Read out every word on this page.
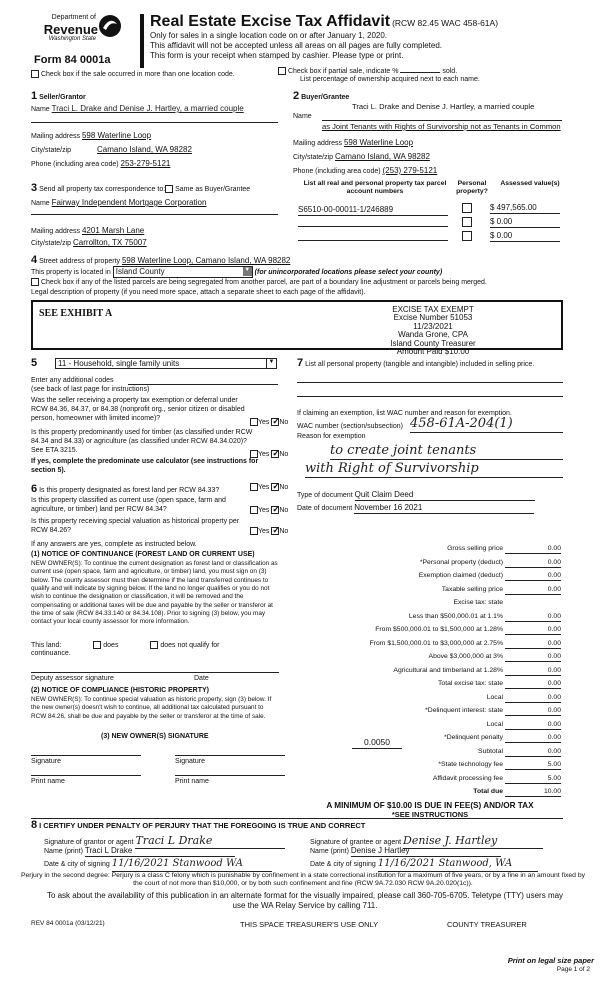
Department of
Revenue
Washington State
Form 84 0001a
Real Estate Excise Tax Affidavit (RCW 82.45 WAC 458-61A)
Only for sales in a single location code on or after January 1, 2020.
This affidavit will not be accepted unless all areas on all pages are fully completed.
This form is your receipt when stamped by cashier. Please type or print.
Check box if the sale occurred in more than one location code.	Check box if partial sale, indicate %	sold.
List percentage of ownership acquired next to each name.
1 Seller/Grantor
Name Traci L. Drake and Denise J. Hartley, a married couple
Mailing address 598 Waterline Loop
City/state/zip	Camano Island, WA 98282
Phone (including area code) 253-279-5121
2 Buyer/Grantee
Traci L. Drake and Denise J. Hartley, a married couple
Name
as Joint Tenants with Rights of Survivorship not as Tenants in Common
Mailing address 598 Waterline Loop
City/state/zip Camano Island, WA 98282
Phone (including area code) (253) 279-5121
3 Send all property tax correspondence to: Same as Buyer/Grantee
Name Fairway Independent Mortgage Corporation
Mailing address 4201 Marsh Lane
City/state/zip Carrollton, TX 75007
List all real and personal property tax parcel account numbers
Personal property?
Assessed value(s)
S6510-00-00011-1/246889	$ 497,565.00
$ 0.00
$ 0.00
4 Street address of property 598 Waterline Loop, Camano Island, WA 98282
This property is located in Island County	▼ (for unincorporated locations please select your county)
Check box if any of the listed parcels are being segregated from another parcel, are part of a boundary line adjustment or parcels being merged.
Legal description of property (if you need more space, attach a separate sheet to each page of the affidavit).
SEE EXHIBIT A	EXCISE TAX EXEMPT
Excise Number 51053
11/23/2021
Wanda Grone, CPA
Island County Treasurer
Amount Paid $10.00
5	11 - Household, single family units	▼
Enter any additional codes
(see back of last page for instructions)
Was the seller receiving a property tax exemption or deferral under RCW 84.36, 84.37, or 84.38 (nonprofit org., senior citizen or disabled person, homeowner with limited income)?
Yes ✓ No
Is this property predominantly used for timber (as classified under RCW 84.34 and 84.33) or agriculture (as classified under RCW 84.34.020)? See ETA 3215.
Yes ✓ No
If yes, complete the predominate use calculator (see instructions for section 5).
6 Is this property designated as forest land per RCW 84.33?	Yes ✓ No
Is this property classified as current use (open space, farm and agriculture, or timber) land per RCW 84.34?	Yes ✓ No
Is this property receiving special valuation as historical property per RCW 84.26?	Yes ✓ No
If any answers are yes, complete as instructed below.
(1) NOTICE OF CONTINUANCE (FOREST LAND OR CURRENT USE)
NEW OWNER(S): To continue the current designation as forest land or classification as current use (open space, farm and agriculture, or timber) land, you must sign on (3) below. The county assessor must then determine if the land transferred continues to qualify and will indicate by signing below. If the land no longer qualifies or you do not wish to continue the designation or classification, it will be removed and the compensating or additional taxes will be due and payable by the seller or transferor at the time of sale (RCW 84.33.140 or 84.34.108). Prior to signing (3) below, you may contact your local county assessor for more information.
This land:	does	does not qualify for
continuance.
Deputy assessor signature	Date
(2) NOTICE OF COMPLIANCE (HISTORIC PROPERTY)
NEW OWNER(S): To continue special valuation as historic property, sign (3) below. If the new owner(s) doesn't wish to continue, all additional tax calculated pursuant to RCW 84.26, shall be due and payable by the seller or transferor at the time of sale.
(3) NEW OWNER(S) SIGNATURE
Signature	Signature
Print name	Print name
7 List all personal property (tangible and intangible) included in selling price.
If claiming an exemption, list WAC number and reason for exemption.
WAC number (section/subsection) 458-61A-204(1)
Reason for exemption
to create joint tenants
with Right of Survivorship
Type of document Quit Claim Deed
Date of document November 16 2021
Gross selling price	0.00
*Personal property (deduct)	0.00
Exemption claimed (deduct)	0.00
Taxable selling price	0.00
Excise tax: state
Less than $500,000.01 at 1.1%	0.00
From $500,000.01 to $1,500,000 at 1.28%	0.00
From $1,500,000.01 to $3,000,000 at 2.75%	0.00
Above $3,000,000 at 3%	0.00
Agricultural and timberland at 1.28%	0.00
Total excise tax: state	0.00
Local	0.00
*Delinquent interest: state	0.00
Local	0.00
*Delinquent penalty	0.00
Subtotal	0.00
*State technology fee	5.00
Affidavit processing fee	5.00
Total due	10.00
0.0050
A MINIMUM OF $10.00 IS DUE IN FEE(S) AND/OR TAX
*SEE INSTRUCTIONS
8 I CERTIFY UNDER PENALTY OF PERJURY THAT THE FOREGOING IS TRUE AND CORRECT
Signature of grantor or agent Traci L Drake
Name (print) Traci L Drake
Date & city of signing 11/16/2021 Stanwood WA
Signature of grantee or agent Denise J. Hartley
Name (print) Denise J Hartley
Date & city of signing 11/16/2021 Stanwood, WA
Perjury in the second degree: Perjury is a class C felony which is punishable by confinement in a state correctional institution for a maximum of five years, or by a fine in an amount fixed by the court of not more than $10,000, or by both such confinement and fine (RCW 9A.72.030 RCW 9A.20.020(1c)).
To ask about the availability of this publication in an alternate format for the visually impaired, please call 360-705-6705. Teletype (TTY) users may use the WA Relay Service by calling 711.
REV 84 0001a (03/12/21)	THIS SPACE TREASURER'S USE ONLY	COUNTY TREASURER
Print on legal size paper
Page 1 of 2
